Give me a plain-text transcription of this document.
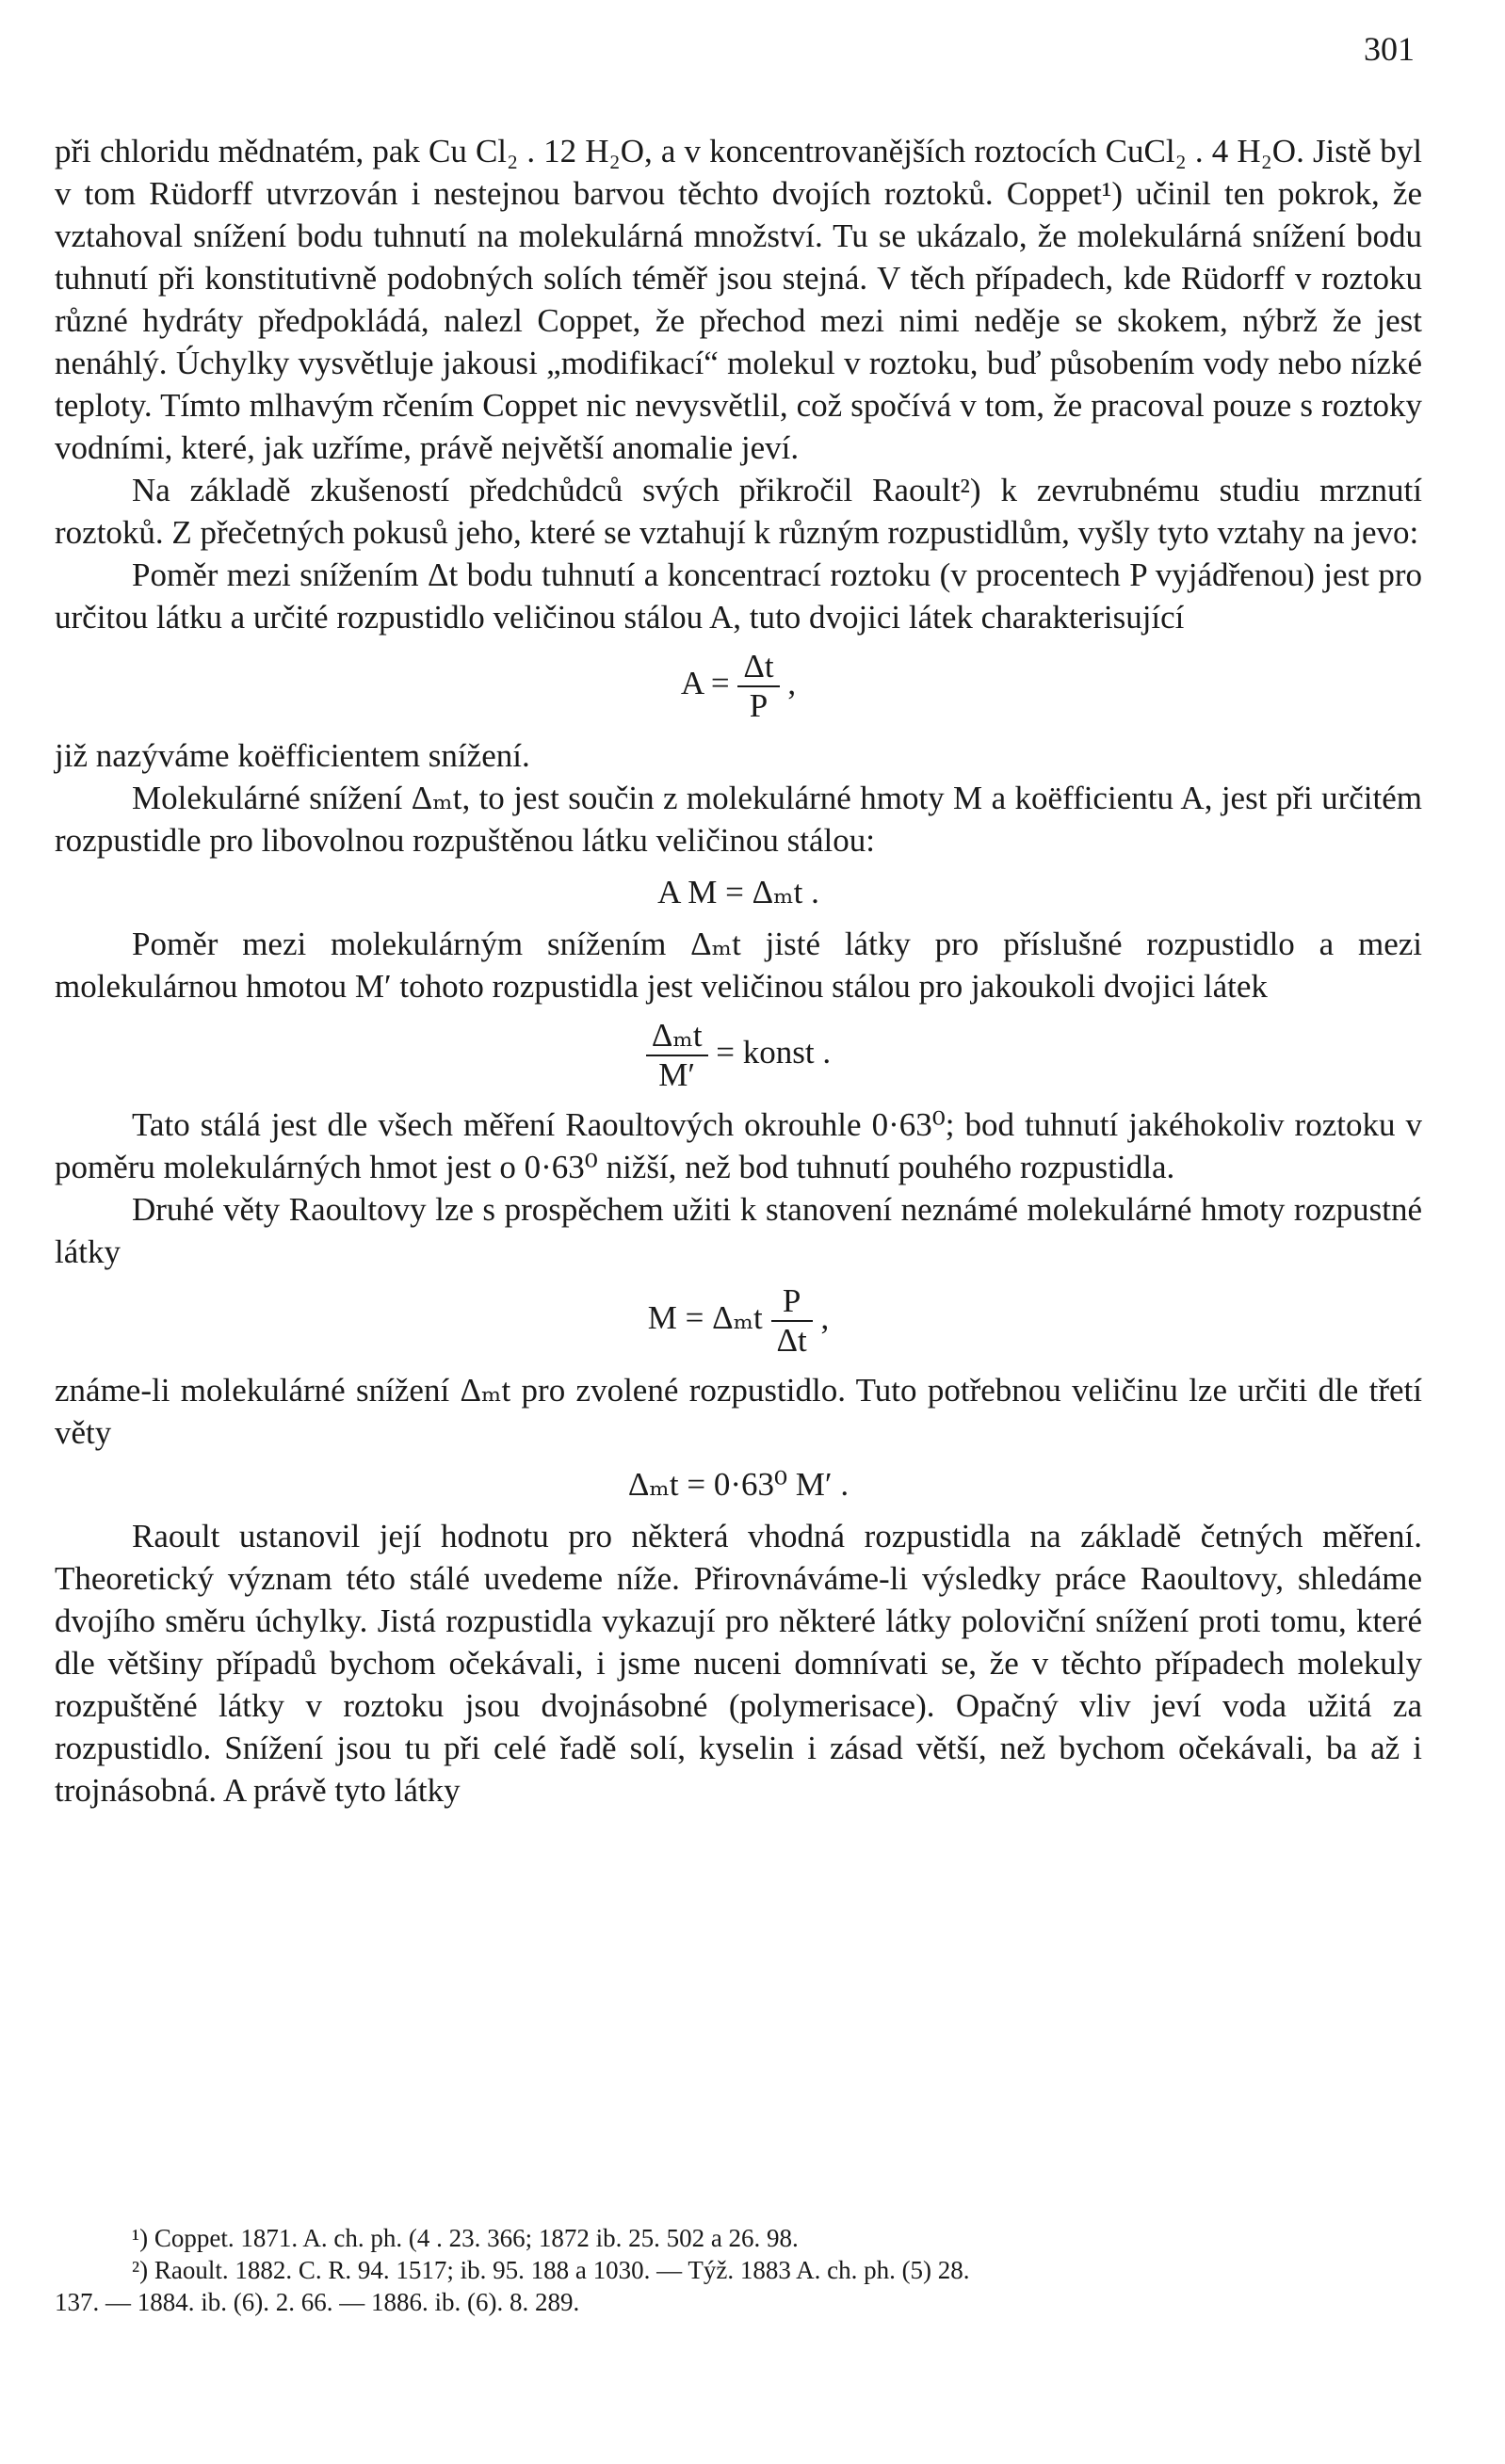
301

při chloridu mědnatém, pak Cu Cl₂ . 12 H₂O, a v koncentrovanějších roztocích CuCl₂ . 4 H₂O. Jistě byl v tom Rüdorff utvrzován i nestejnou barvou těchto dvojích roztoků. Coppet¹) učinil ten pokrok, že vztahoval snížení bodu tuhnutí na molekulárná množství. Tu se ukázalo, že molekulárná snížení bodu tuhnutí při konstitutivně podobných solích téměř jsou stejná. V těch případech, kde Rüdorff v roztoku různé hydráty předpokládá, nalezl Coppet, že přechod mezi nimi neděje se skokem, nýbrž že jest nenáhlý. Úchylky vysvětluje jakousi „modifikací“ molekul v roztoku, buď působením vody nebo nízké teploty. Tímto mlhavým rčením Coppet nic nevysvětlil, což spočívá v tom, že pracoval pouze s roztoky vodními, které, jak uzříme, právě největší anomalie jeví.

Na základě zkušeností předchůdců svých přikročil Raoult²) k zevrubnému studiu mrznutí roztoků. Z přečetných pokusů jeho, které se vztahují k různým rozpustidlům, vyšly tyto vztahy na jevo:

Poměr mezi snížením Δt bodu tuhnutí a koncentrací roztoku (v procentech P vyjádřenou) jest pro určitou látku a určité rozpustidlo veličinou stálou A, tuto dvojici látek charakterisující

$A = \frac{\Delta t}{P}$ ,

již nazýváme koëfficientem snížení.

Molekulárné snížení Δₘt, to jest součin z molekulárné hmoty M a koëfficientu A, jest při určitém rozpustidle pro libovolnou rozpuštěnou látku veličinou stálou:

A M = Δₘt .

Poměr mezi molekulárným snížením Δₘt jisté látky pro příslušné rozpustidlo a mezi molekulárnou hmotou M′ tohoto rozpustidla jest veličinou stálou pro jakoukoli dvojici látek

$\frac{\text{Δₘt}}{M'}$ = konst .

Tato stálá jest dle všech měření Raoultových okrouhle 0·63⁰; bod tuhnutí jakéhokoliv roztoku v poměru molekulárných hmot jest o 0·63⁰ nižší, než bod tuhnutí pouhého rozpustidla.

Druhé věty Raoultovy lze s prospěchem užiti k stanovení neznámé molekulárné hmoty rozpustné látky

M = Δₘt $\frac{P}{\Delta t}$ ,

známe-li molekulárné snížení Δₘt pro zvolené rozpustidlo. Tuto potřebnou veličinu lze určiti dle třetí věty

Δₘt = 0·63⁰ M′ .

Raoult ustanovil její hodnotu pro některá vhodná rozpustidla na základě četných měření. Theoretický význam této stálé uvedeme níže. Přirovnáváme-li výsledky práce Raoultovy, shledáme dvojího směru úchylky. Jistá rozpustidla vykazují pro některé látky poloviční snížení proti tomu, které dle většiny případů bychom očekávali, i jsme nuceni domnívati se, že v těchto případech molekuly rozpuštěné látky v roztoku jsou dvojnásobné (polymerisace). Opačný vliv jeví voda užitá za rozpustidlo. Snížení jsou tu při celé řadě solí, kyselin i zásad větší, než bychom očekávali, ba až i trojnásobná. A právě tyto látky

¹) Coppet. 1871. A. ch. ph. (4 . 23. 366; 1872 ib. 25. 502 a 26. 98.

²) Raoult. 1882. C. R. 94. 1517; ib. 95. 188 a 1030. — Týž. 1883 A. ch. ph. (5) 28.

137. — 1884. ib. (6). 2. 66. — 1886. ib. (6). 8. 289.
